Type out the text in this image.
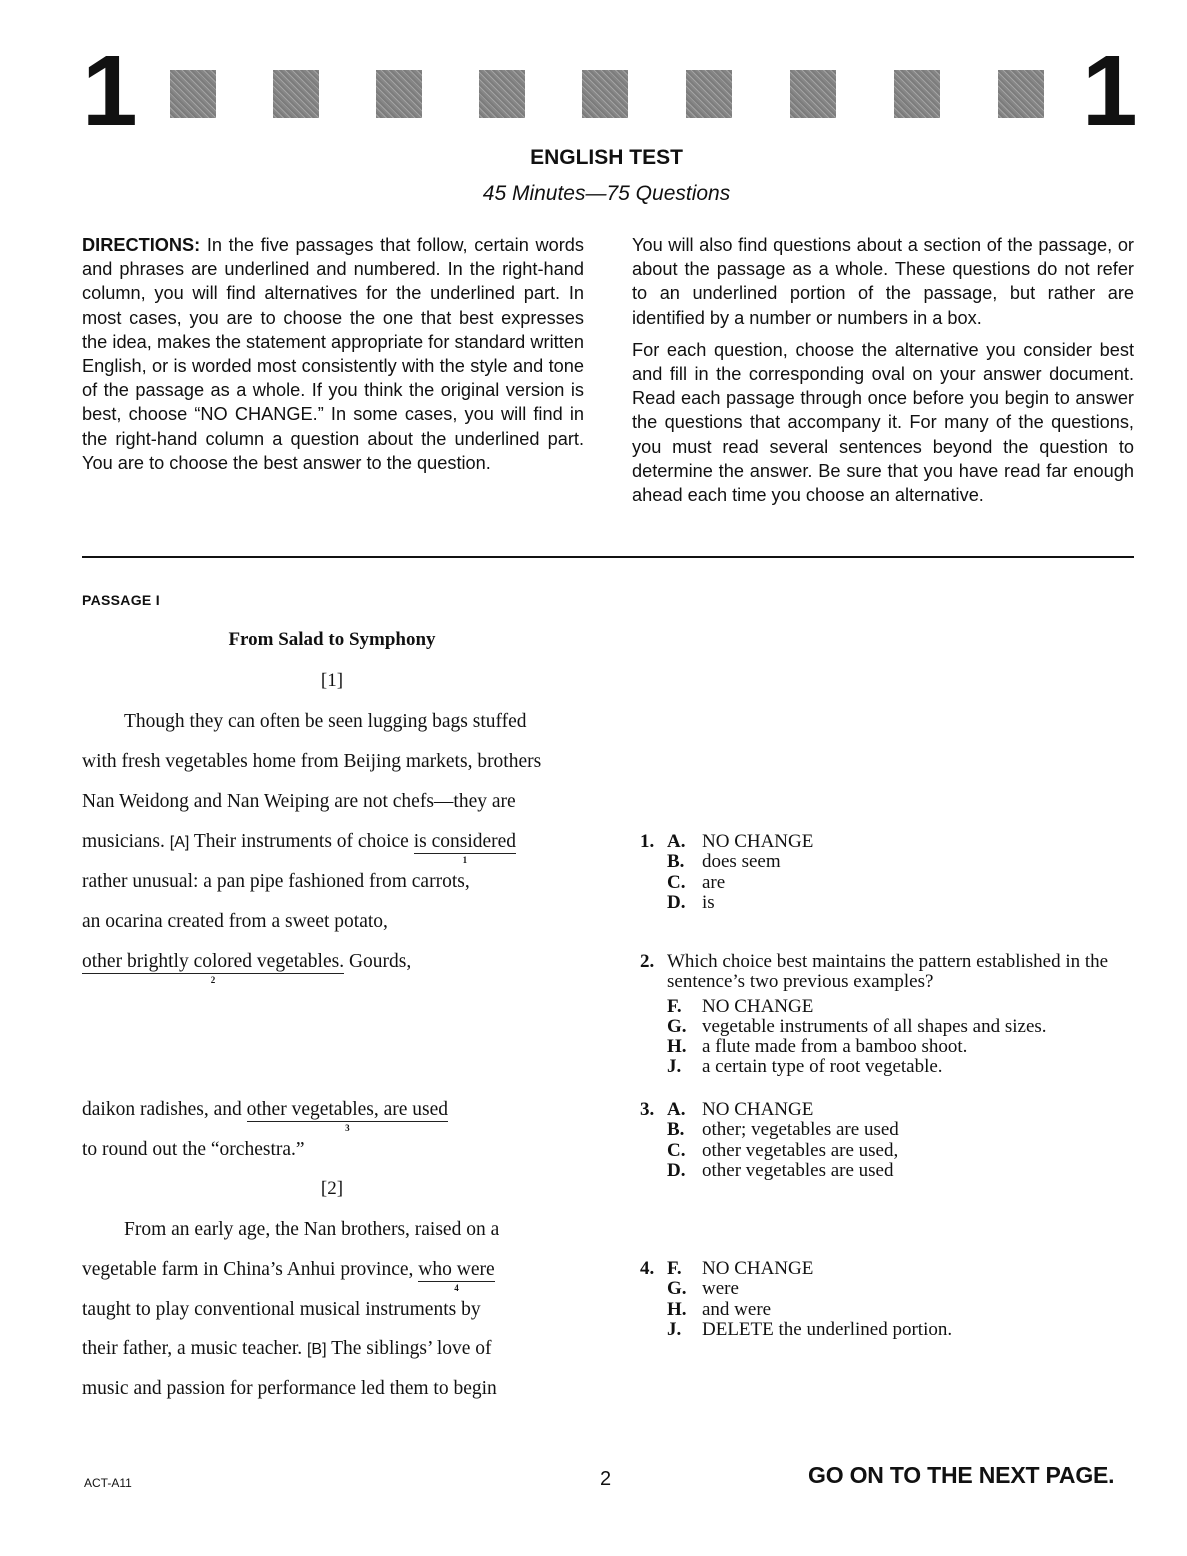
1	1
ENGLISH TEST
45 Minutes—75 Questions
DIRECTIONS: In the five passages that follow, certain words and phrases are underlined and numbered. In the right-hand column, you will find alternatives for the underlined part. In most cases, you are to choose the one that best expresses the idea, makes the statement appropriate for standard written English, or is worded most consistently with the style and tone of the passage as a whole. If you think the original version is best, choose “NO CHANGE.” In some cases, you will find in the right-hand column a question about the underlined part. You are to choose the best answer to the question.

You will also find questions about a section of the passage, or about the passage as a whole. These questions do not refer to an underlined portion of the passage, but rather are identified by a number or numbers in a box.

For each question, choose the alternative you consider best and fill in the corresponding oval on your answer document. Read each passage through once before you begin to answer the questions that accompany it. For many of the questions, you must read several sentences beyond the question to determine the answer. Be sure that you have read far enough ahead each time you choose an alternative.

PASSAGE I
From Salad to Symphony
[1]
Though they can often be seen lugging bags stuffed
with fresh vegetables home from Beijing markets, brothers
Nan Weidong and Nan Weiping are not chefs—they are
musicians. [A] Their instruments of choice is considered
1
rather unusual: a pan pipe fashioned from carrots,
an ocarina created from a sweet potato,
other brightly colored vegetables.
2
Gourds,
daikon radishes, and other vegetables, are used
3
to round out the “orchestra.”
[2]
From an early age, the Nan brothers, raised on a
vegetable farm in China’s Anhui province, who were
4
taught to play conventional musical instruments by
their father, a music teacher. [B] The siblings’ love of
music and passion for performance led them to begin
1. A. NO CHANGE
B. does seem
C. are
D. is
2. Which choice best maintains the pattern established in the sentence’s two previous examples?
F. NO CHANGE
G. vegetable instruments of all shapes and sizes.
H. a flute made from a bamboo shoot.
J. a certain type of root vegetable.
3. A. NO CHANGE
B. other; vegetables are used
C. other vegetables are used,
D. other vegetables are used
4. F. NO CHANGE
G. were
H. and were
J. DELETE the underlined portion.
ACT-A11	2	GO ON TO THE NEXT PAGE.
